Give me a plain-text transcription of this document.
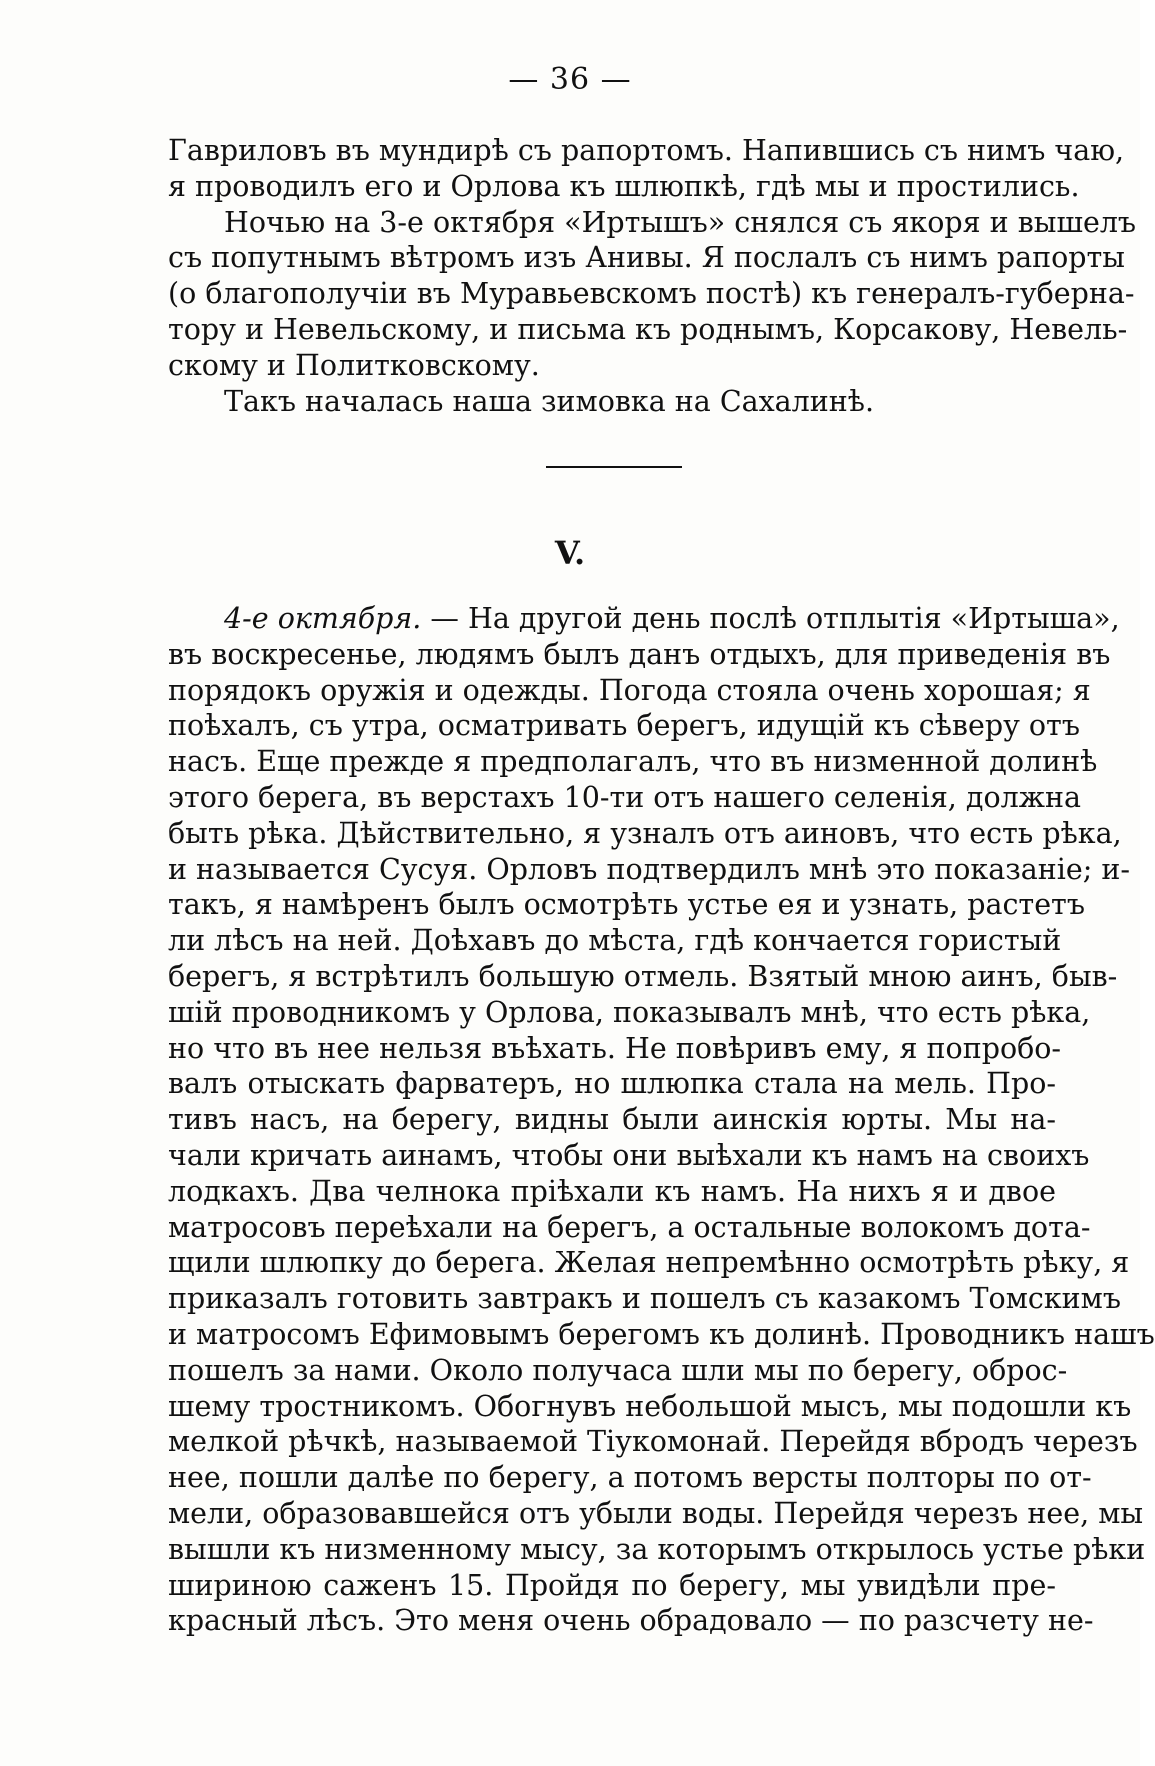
— 36 —
Гавриловъ въ мундирѣ съ рапортомъ. Напившись съ нимъ чаю,
я проводилъ его и Орлова къ шлюпкѣ, гдѣ мы и простились.
Ночью на 3-е октября «Иртышъ» снялся съ якоря и вышелъ
съ попутнымъ вѣтромъ изъ Анивы. Я послалъ съ нимъ рапорты
(о благополучіи въ Муравьевскомъ постѣ) къ генералъ-губерна-
тору и Невельскому, и письма къ роднымъ, Корсакову, Невель-
скому и Политковскому.
Такъ началась наша зимовка на Сахалинѣ.
V.
4-е октября. — На другой день послѣ отплытія «Иртыша»,
въ воскресенье, людямъ былъ данъ отдыхъ, для приведенія въ
порядокъ оружія и одежды. Погода стояла очень хорошая; я
поѣхалъ, съ утра, осматривать берегъ, идущій къ сѣверу отъ
насъ. Еще прежде я предполагалъ, что въ низменной долинѣ
этого берега, въ верстахъ 10-ти отъ нашего селенія, должна
быть рѣка. Дѣйствительно, я узналъ отъ аиновъ, что есть рѣка,
и называется Сусуя. Орловъ подтвердилъ мнѣ это показаніе; и-
такъ, я намѣренъ былъ осмотрѣть устье ея и узнать, растетъ
ли лѣсъ на ней. Доѣхавъ до мѣста, гдѣ кончается гористый
берегъ, я встрѣтилъ большую отмель. Взятый мною аинъ, быв-
шій проводникомъ у Орлова, показывалъ мнѣ, что есть рѣка,
но что въ нее нельзя въѣхать. Не повѣривъ ему, я попробо-
валъ отыскать фарватеръ, но шлюпка стала на мель. Про-
тивъ насъ, на берегу, видны были аинскія юрты. Мы на-
чали кричать аинамъ, чтобы они выѣхали къ намъ на своихъ
лодкахъ. Два челнока пріѣхали къ намъ. На нихъ я и двое
матросовъ переѣхали на берегъ, а остальные волокомъ дота-
щили шлюпку до берега. Желая непремѣнно осмотрѣть рѣку, я
приказалъ готовить завтракъ и пошелъ съ казакомъ Томскимъ
и матросомъ Ефимовымъ берегомъ къ долинѣ. Проводникъ нашъ
пошелъ за нами. Около получаса шли мы по берегу, оброс-
шему тростникомъ. Обогнувъ небольшой мысъ, мы подошли къ
мелкой рѣчкѣ, называемой Тіукомонай. Перейдя вбродъ черезъ
нее, пошли далѣе по берегу, а потомъ версты полторы по от-
мели, образовавшейся отъ убыли воды. Перейдя черезъ нее, мы
вышли къ низменному мысу, за которымъ открылось устье рѣки
шириною саженъ 15. Пройдя по берегу, мы увидѣли пре-
красный лѣсъ. Это меня очень обрадовало — по разсчету не-
